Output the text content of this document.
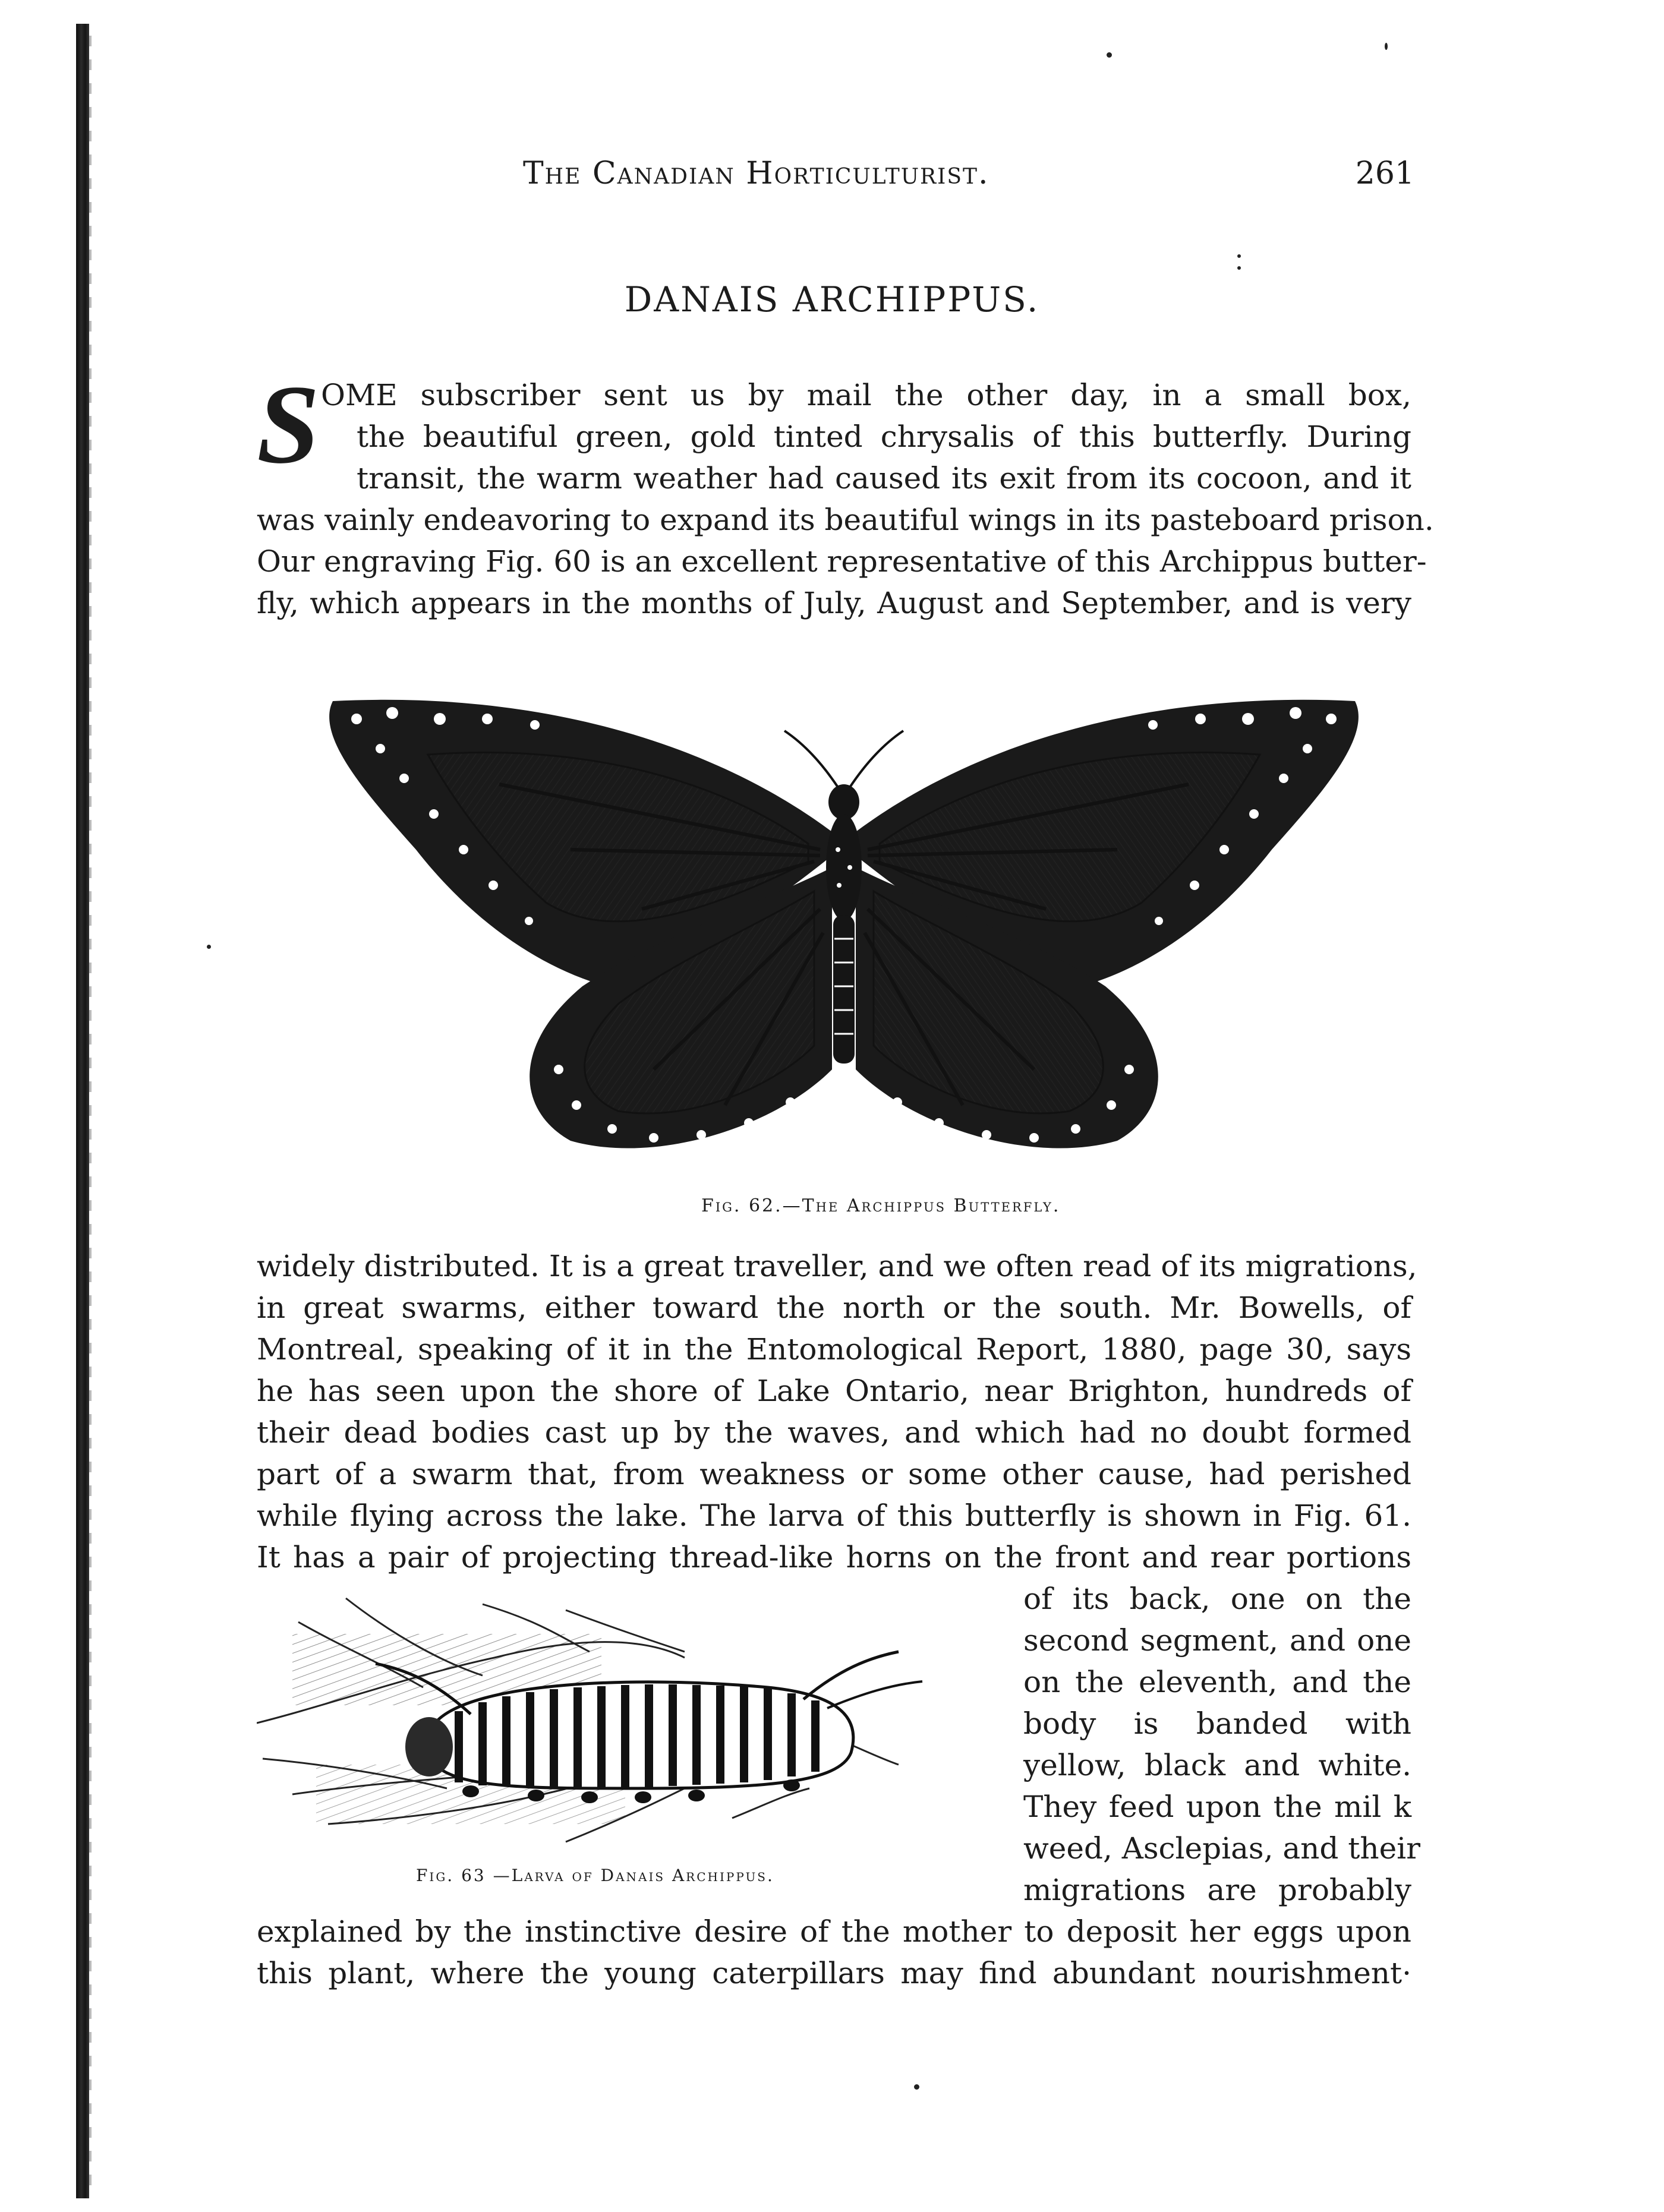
The Canadian Horticulturist.	261
DANAIS ARCHIPPUS.
S OME subscriber sent us by mail the other day, in a small box,
the beautiful green, gold tinted chrysalis of this butterfly. During
transit, the warm weather had caused its exit from its cocoon, and it
was vainly endeavoring to expand its beautiful wings in its pasteboard prison.
Our engraving Fig. 60 is an excellent representative of this Archippus butter-
fly, which appears in the months of July, August and September, and is very
Fig. 62.—The Archippus Butterfly.
widely distributed. It is a great traveller, and we often read of its migrations,
in great swarms, either toward the north or the south. Mr. Bowells, of
Montreal, speaking of it in the Entomological Report, 1880, page 30, says
he has seen upon the shore of Lake Ontario, near Brighton, hundreds of
their dead bodies cast up by the waves, and which had no doubt formed
part of a swarm that, from weakness or some other cause, had perished
while flying across the lake. The larva of this butterfly is shown in Fig. 61.
It has a pair of projecting thread-like horns on the front and rear portions
Fig. 63 —Larva of Danais Archippus.
of its back, one on the
second segment, and one
on the eleventh, and the
body is banded with
yellow, black and white.
They feed upon the mil k
weed, Asclepias, and their
migrations are probably
explained by the instinctive desire of the mother to deposit her eggs upon
this plant, where the young caterpillars may find abundant nourishment·
